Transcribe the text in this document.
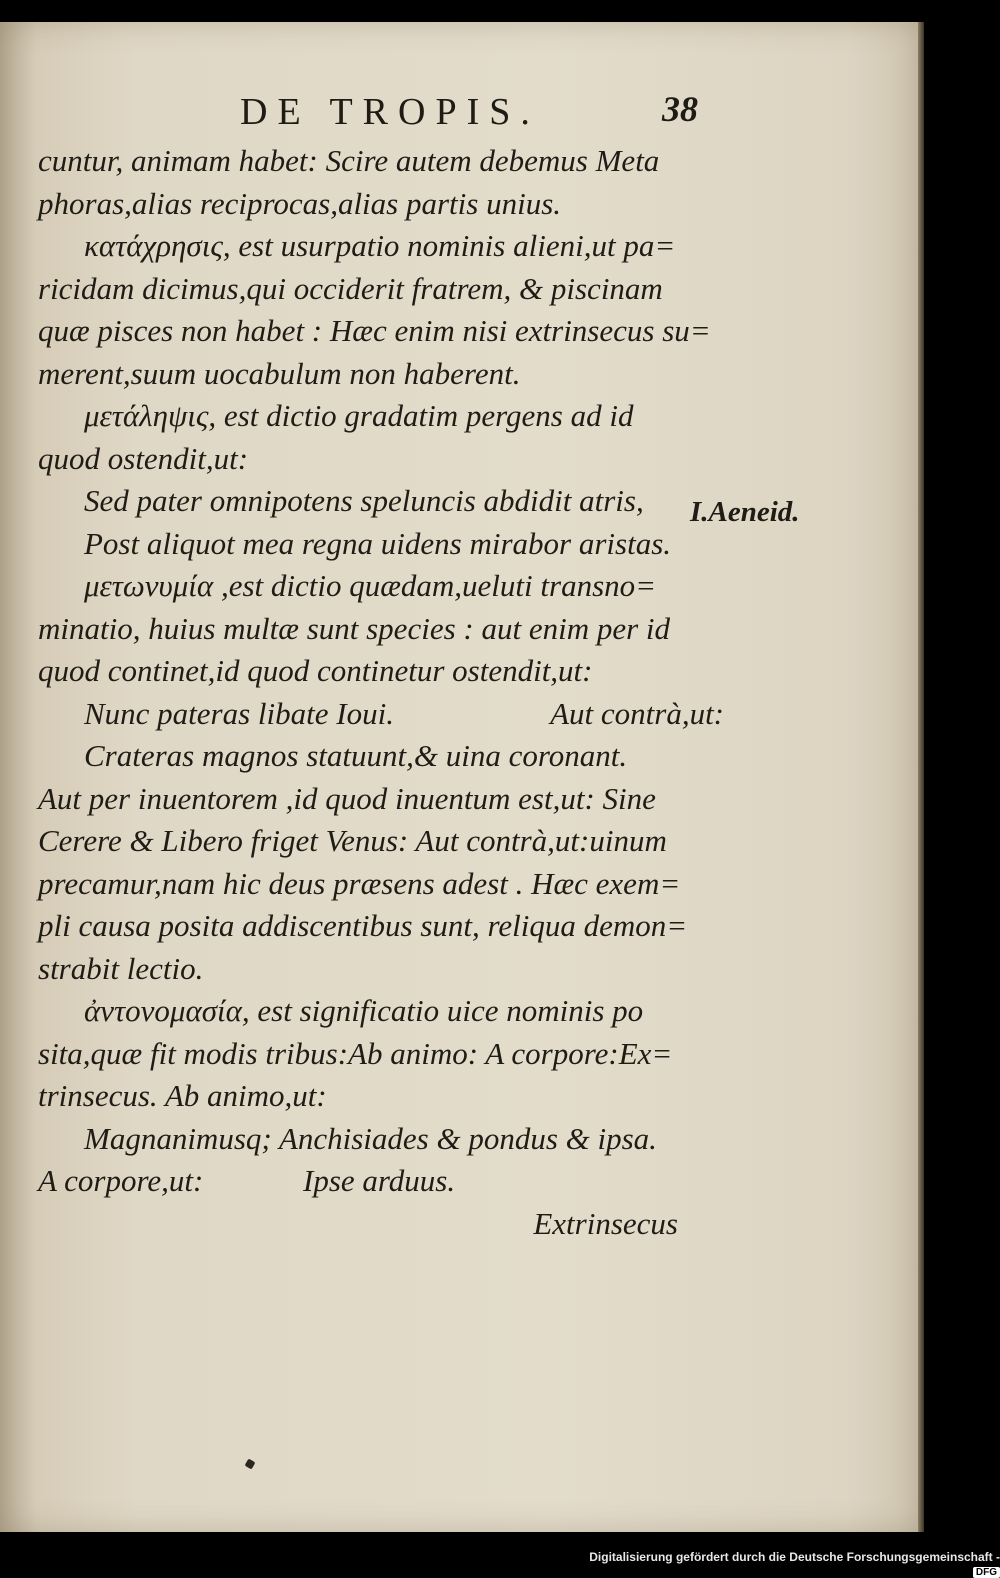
DE TROPIS.	38
cuntur, animam habet: Scire autem debemus Meta
phoras,alias reciprocas,alias partis unius.
κατάχρησις, est usurpatio nominis alieni,ut pa=
ricidam dicimus,qui occiderit fratrem, & piscinam
quæ pisces non habet : Hæc enim nisi extrinsecus su=
merent,suum uocabulum non haberent.
μετάληψις, est dictio gradatim pergens ad id
quod ostendit,ut:
Sed pater omnipotens speluncis abdidit atris,
Post aliquot mea regna uidens mirabor aristas.
μετωνυμία ,est dictio quædam,ueluti transno=
minatio, huius multæ sunt species : aut enim per id
quod continet,id quod continetur ostendit,ut:
Nunc pateras libate Ioui.	Aut contrà,ut:
Crateras magnos statuunt,& uina coronant.
Aut per inuentorem ,id quod inuentum est,ut: Sine
Cerere & Libero friget Venus: Aut contrà,ut:uinum
precamur,nam hic deus præsens adest . Hæc exem=
pli causa posita addiscentibus sunt, reliqua demon=
strabit lectio.
ἀντονομασία, est significatio uice nominis po
sita,quæ fit modis tribus:Ab animo: A corpore:Ex=
trinsecus. Ab animo,ut:
Magnanimusq; Anchisiades & pondus & ipsa.
A corpore,ut:	Ipse arduus.
Extrinsecus
I.Aeneid.
Digitalisierung gefördert durch die Deutsche Forschungsgemeinschaft - DFG
